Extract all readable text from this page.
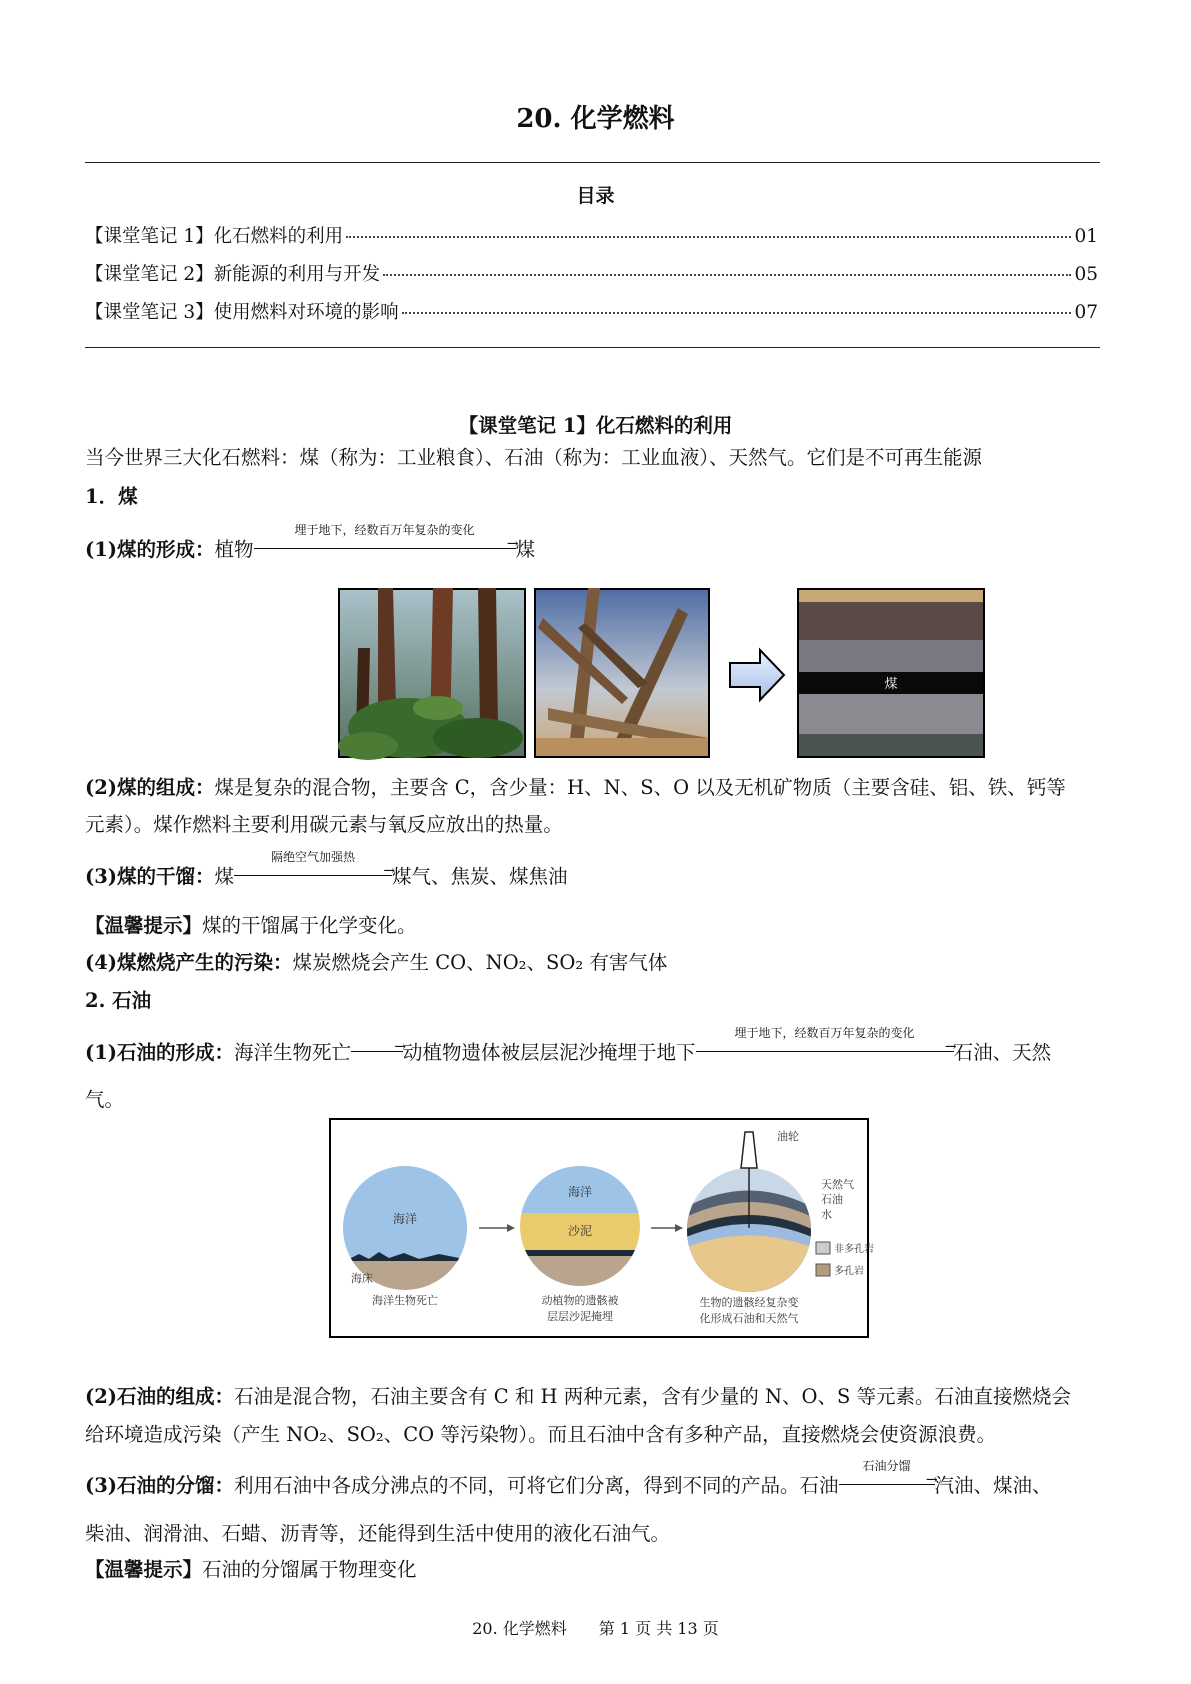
20. 化学燃料
目录
【课堂笔记 1】化石燃料的利用	01
【课堂笔记 2】新能源的利用与开发	05
【课堂笔记 3】使用燃料对环境的影响	07
【课堂笔记 1】化石燃料的利用
当今世界三大化石燃料：煤（称为：工业粮食）、石油（称为：工业血液）、天然气。它们是不可再生能源
1．煤
(1)煤的形成：植物
埋于地下，经数百万年复杂的变化
→
煤
煤
(2)煤的组成：煤是复杂的混合物，主要含 C，含少量：H、N、S、O 以及无机矿物质（主要含硅、铝、铁、钙等
元素）。煤作燃料主要利用碳元素与氧反应放出的热量。
(3)煤的干馏：煤
隔绝空气加强热
→
煤气、焦炭、煤焦油
【温馨提示】煤的干馏属于化学变化。
(4)煤燃烧产生的污染：煤炭燃烧会产生 CO、NO₂、SO₂ 有害气体
2. 石油
(1)石油的形成：海洋生物死亡	→
动植物遗体被层层泥沙掩埋于地下
埋于地下，经数百万年复杂的变化
→
石油、天然
气。
海洋
海床
海洋生物死亡
海洋
沙泥
动植物的遗骸被
层层沙泥掩埋
油轮
天然气
石油
水
非多孔岩
多孔岩
生物的遗骸经复杂变
化形成石油和天然气
(2)石油的组成：石油是混合物，石油主要含有 C 和 H 两种元素，含有少量的 N、O、S 等元素。石油直接燃烧会
给环境造成污染（产生 NO₂、SO₂、CO 等污染物）。而且石油中含有多种产品，直接燃烧会使资源浪费。
(3)石油的分馏：利用石油中各成分沸点的不同，可将它们分离，得到不同的产品。石油
石油分馏
→
汽油、煤油、
柴油、润滑油、石蜡、沥青等，还能得到生活中使用的液化石油气。
【温馨提示】石油的分馏属于物理变化
20. 化学燃料　　第 1 页 共 13 页
